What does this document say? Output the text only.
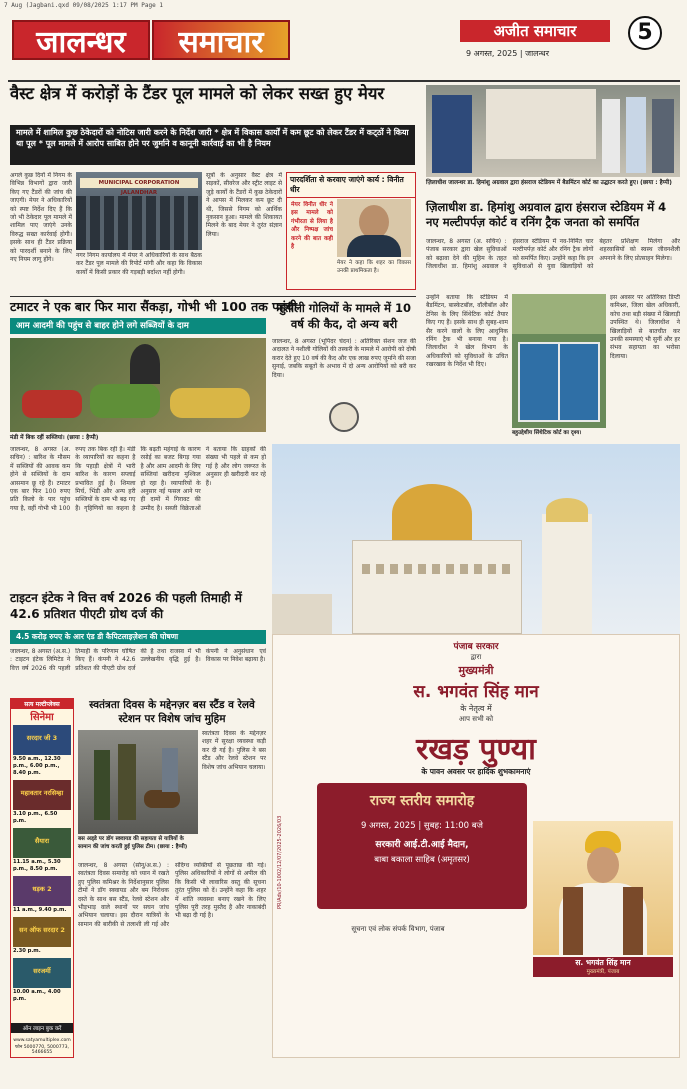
7 Aug (Jagbani.qxd 09/08/2025 1:17 PM Page 1
जालन्धर	समाचार	अजीत समाचार
9 अगस्त, 2025 | जालन्धर
5
वैस्ट क्षेत्र में करोड़ों के टैंडर पूल मामले को लेकर सख्त हुए मेयर
मामले में शामिल कुछ ठेकेदारों को नोटिस जारी करने के निर्देश जारी * क्षेत्र में विकास कार्यों में कम छूट को लेकर टैंडर में कट्‌ठों ने किया था पूल * पूल मामले में आरोप साबित होने पर जुर्माने व कानूनी कार्रवाई का भी है नियम
अगले कुछ दिनों में निगम के विभिन्न विभागों द्वारा जारी किए गए टैंडरों की जांच की जाएगी। मेयर ने अधिकारियों को स्पष्ट निर्देश दिए हैं कि जो भी ठेकेदार पूल मामले में शामिल पाए जाएंगे उनके विरुद्ध सख्त कार्रवाई होगी। इसके साथ ही टैंडर प्रक्रिया को पारदर्शी बनाने के लिए नए नियम लागू होंगे।
MUNICIPAL CORPORATION JALANDHAR
नगर निगम कार्यालय में मेयर ने अधिकारियों के साथ बैठक कर टैंडर पूल मामले की रिपोर्ट मांगी और कहा कि विकास कार्यों में किसी प्रकार की गड़बड़ी बर्दाश्त नहीं होगी।
सूत्रों के अनुसार वैस्ट क्षेत्र में सड़कों, सीवरेज और स्ट्रीट लाइट से जुड़े कार्यों के टैंडरों में कुछ ठेकेदारों ने आपस में मिलकर कम छूट दी थी, जिससे निगम को आर्थिक नुकसान हुआ। मामले की शिकायत मिलने के बाद मेयर ने तुरंत संज्ञान लिया।
पारदर्शिता से करवाए जाएंगे कार्य : विनीत धीर
मेयर विनीत धीर ने इस मामले को गंभीरता से लिया है और निष्पक्ष जांच करने की बात कही है
मेयर ने कहा कि शहर का विकास उनकी प्राथमिकता है।
ज़िलाधीश जालन्धर डा. हिमांशु अग्रवाल द्वारा हंसराज स्टेडियम में बैडमिंटन कोर्ट का उद्घाटन करते हुए। (छाया : हैप्पी)
ज़िलाधीश डा. हिमांशु अग्रवाल द्वारा हंसराज स्टेडियम में 4 नए मल्टीपर्पज़ कोर्ट व रनिंग ट्रैक जनता को समर्पित
जालन्धर, 8 अगस्त (अ. सचिन) : पंजाब सरकार द्वारा खेल सुविधाओं को बढ़ावा देने की मुहिम के तहत जिलाधीश डा. हिमांशु अग्रवाल ने हंसराज स्टेडियम में नव-निर्मित चार मल्टीपर्पज़ कोर्ट और रनिंग ट्रैक लोगों को समर्पित किए। उन्होंने कहा कि इन सुविधाओं से युवा खिलाड़ियों को बेहतर प्रशिक्षण मिलेगा और शहरवासियों को स्वस्थ जीवनशैली अपनाने के लिए प्रोत्साहन मिलेगा।
उन्होंने बताया कि स्टेडियम में बैडमिंटन, बास्केटबॉल, वॉलीबॉल और टेनिस के लिए सिंथेटिक कोर्ट तैयार किए गए हैं। इसके साथ ही सुबह-शाम सैर करने वालों के लिए आधुनिक रनिंग ट्रैक भी बनाया गया है। जिलाधीश ने खेल विभाग के अधिकारियों को सुविधाओं के उचित रखरखाव के निर्देश भी दिए।
बहुउद्देशीय सिंथेटिक कोर्ट का दृश्य।
इस अवसर पर अतिरिक्त डिप्टी कमिश्नर, जिला खेल अधिकारी, कोच तथा बड़ी संख्या में खिलाड़ी उपस्थित थे। जिलाधीश ने खिलाड़ियों से बातचीत कर उनकी समस्याएं भी सुनीं और हर संभव सहायता का भरोसा दिलाया।
टमाटर ने एक बार फिर मारा सैंकड़ा, गोभी भी 100 तक पहुंची
आम आदमी की पहुंच से बाहर होने लगे सब्जियों के दाम
मंडी में बिक रहीं सब्जियां। (छाया : हैप्पी)
जालन्धर, 8 अगस्त (अ. सचिन) : बारिश के मौसम में सब्जियों की आवक कम होने से सब्जियों के दाम आसमान छू रहे हैं। टमाटर एक बार फिर 100 रुपए प्रति किलो के पार पहुंच गया है, वहीं गोभी भी 100 रुपए तक बिक रही है। मंडी के व्यापारियों का कहना है कि पहाड़ी क्षेत्रों में भारी बारिश के कारण सप्लाई प्रभावित हुई है। शिमला मिर्च, भिंडी और अन्य हरी सब्जियों के दाम भी बढ़ गए हैं। गृहिणियों का कहना है कि बढ़ती महंगाई के कारण रसोई का बजट बिगड़ गया है और आम आदमी के लिए सब्जियां खरीदना मुश्किल हो रहा है। व्यापारियों के अनुसार नई फसल आने पर ही दामों में गिरावट की उम्मीद है। सब्जी विक्रेताओं ने बताया कि ग्राहकों की संख्या भी पहले से कम हो गई है और लोग जरूरत के अनुसार ही खरीदारी कर रहे हैं।
नशीली गोलियों के मामले में 10 वर्ष की कैद, दो अन्य बरी
जालन्धर, 8 अगस्त (भूपिंदर चंदन) : अतिरिक्त सेशन जज की अदालत ने नशीली गोलियों की तस्करी के मामले में आरोपी को दोषी करार देते हुए 10 वर्ष की कैद और एक लाख रुपए जुर्माने की सजा सुनाई, जबकि सबूतों के अभाव में दो अन्य आरोपियों को बरी कर दिया।
टाइटन इंटेक ने वित्त वर्ष 2026 की पहली तिमाही में 42.6 प्रतिशत पीएटी ग्रोथ दर्ज की
4.5 करोड़ रुपए के आर एंड डी कैपिटलाइज़ेशन की घोषणा
जालन्धर, 8 अगस्त (अ.स.) : टाइटन इंटेक लिमिटेड ने वित्त वर्ष 2026 की पहली तिमाही के परिणाम घोषित किए हैं। कंपनी ने 42.6 प्रतिशत की पीएटी ग्रोथ दर्ज की है तथा राजस्व में भी उल्लेखनीय वृद्धि हुई है। कंपनी ने अनुसंधान एवं विकास पर निवेश बढ़ाया है।
सत्य मल्टीप्लेक्स
सिनेमा
सरदार जी 3
9.50 a.m., 12.30 p.m., 6.00 p.m., 8.40 p.m.
महावतार नरसिम्हा
3.10 p.m., 6.50 p.m.
सैयारा
11.15 a.m., 5.30 p.m., 8.50 p.m.
धड़क 2
11 a.m., 9.40 p.m.
सन ऑफ सरदार 2
2.30 p.m.
सरजमीं
10.00 a.m., 4.00 p.m.
ऑन लाइन बुक करें
www.satyamultiplex.com
फोन 5000770, 5000773, 5466655
स्वतंत्रता दिवस के मद्देनज़र बस स्टैंड व रेलवे स्टेशन पर विशेष जांच मुहिम
स्वतंत्रता दिवस के मद्देनज़र शहर में सुरक्षा व्यवस्था कड़ी कर दी गई है। पुलिस ने बस स्टैंड और रेलवे स्टेशन पर विशेष जांच अभियान चलाया।
बस अड्‌डे पर डॉग स्क्वायड की सहायता से यात्रियों के सामान की जांच करती हुई पुलिस टीम। (छाया : हैप्पी)
जालन्धर, 8 अगस्त (सोनू/अ.स.) : स्वतंत्रता दिवस समारोह को ध्यान में रखते हुए पुलिस कमिश्नर के निर्देशानुसार पुलिस टीमों ने डॉग स्क्वायड और बम निरोधक दस्ते के साथ बस स्टैंड, रेलवे स्टेशन और भीड़भाड़ वाले स्थानों पर सघन जांच अभियान चलाया। इस दौरान यात्रियों के सामान की बारीकी से तलाशी ली गई और संदिग्ध व्यक्तियों से पूछताछ की गई। पुलिस अधिकारियों ने लोगों से अपील की कि किसी भी लावारिस वस्तु की सूचना तुरंत पुलिस को दें। उन्होंने कहा कि शहर में शांति व्यवस्था बनाए रखने के लिए पुलिस पूरी तरह मुस्तैद है और नाकाबंदी भी बढ़ा दी गई है।
पंजाब सरकार
द्वारा
मुख्यमंत्री
स. भगवंत सिंह मान
के नेतृत्व में
आप सभी को
रखड़ पुण्या
के पावन अवसर पर हार्दिक शुभकामनाएं
राज्य स्तरीय समारोह
9 अगस्त, 2025 | सुबह: 11:00 बजे
सरकारी आई.टी.आई मैदान,
बाबा बकाला साहिब (अमृतसर)
स. भगवंत सिंह मान
मुख्यमंत्री, पंजाब
PR/Adv/10-1002/12/07/2025-2026/03
सूचना एवं लोक संपर्क विभाग, पंजाब
